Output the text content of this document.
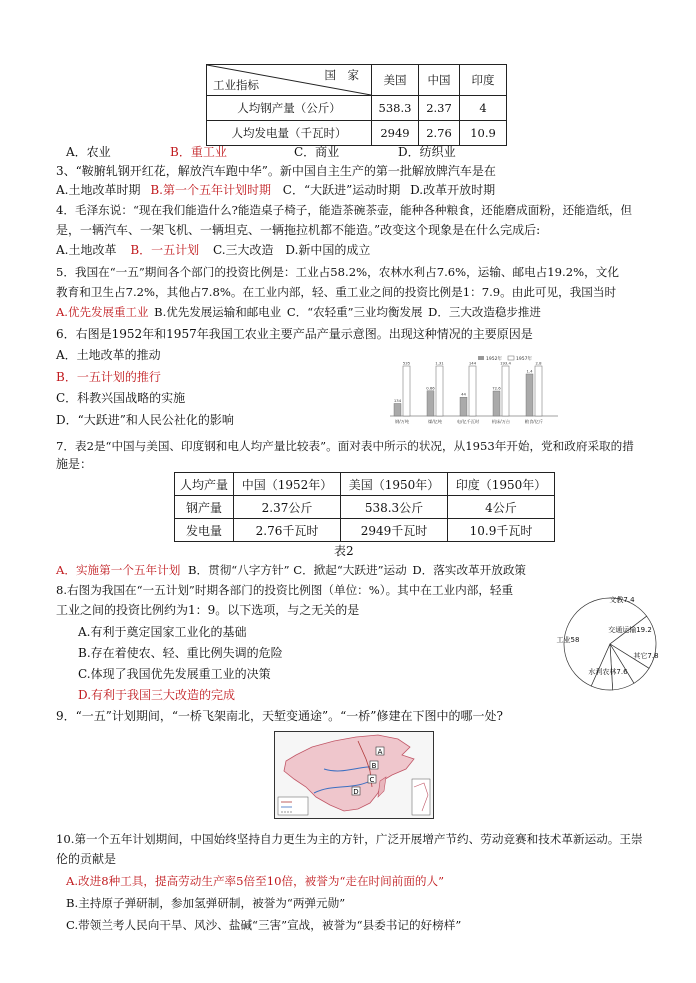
国　家
工业指标	美国	中国	印度
人均钢产量（公斤）	538.3	2.37	4
人均发电量（千瓦时）	2949	2.76	10.9
A．农业	B．重工业	C．商业	D．纺织业
3、“鞍腑轧钢开红花，解放汽车跑中华”。新中国自主生产的第一批解放牌汽车是在
A.土地改革时期 B.第一个五年计划时期 C．“大跃进”运动时期 D.改革开放时期
4．毛泽东说：“现在我们能造什么?能造桌子椅子，能造茶碗茶壶，能种各种粮食，还能磨成面粉，还能造纸，但
是，一辆汽车、一架飞机、一辆坦克、一辆拖拉机都不能造。”改变这个现象是在什么完成后:
A.土地改革 B．一五计划 C.三大改造 D.新中国的成立
5．我国在“一五”期间各个部门的投资比例是：工业占58.2%，农林水利占7.6%，运输、邮电占19.2%，文化
教育和卫生占7.2%，其他占7.8%。在工业内部，轻、重工业之间的投资比例是1：7.9。由此可见，我国当时
A.优先发展重工业 B.优先发展运输和邮电业 C．“农轻重”三业均衡发展 D．三大改造稳步推进
6．右图是1952年和1957年我国工农业主要产品产量示意图。出现这种情况的主要原因是
A．土地改革的推动
B．一五计划的推行
C．科教兴国战略的实施
D．“大跃进”和人民公社化的影响
1952年	1957年
134
535
钢/万吨
0.66
1.31
煤/亿吨
44
144
电/亿千瓦时
72.6
193.4
机床/万台
1.4
2.8
粮食/亿斤
7．表2是“中国与美国、印度钢和电人均产量比较表”。面对表中所示的状况，从1953年开始，党和政府采取的措
施是：
人均产量	中国（1952年）	美国（1950年）	印度（1950年）
钢产量	2.37公斤	538.3公斤	4公斤
发电量	2.76千瓦时	2949千瓦时	10.9千瓦时
表2
A．实施第一个五年计划 B．贯彻“八字方针” C．掀起“大跃进”运动 D．落实改革开放政策
8.右图为我国在“一五计划”时期各部门的投资比例图（单位：%）。其中在工业内部，轻重
工业之间的投资比例约为1：9。以下选项，与之无关的是
A.有利于奠定国家工业化的基础
B.存在着使农、轻、重比例失调的危险
C.体现了我国优先发展重工业的决策
D.有利于我国三大改造的完成
工业58
交通运输19.2
文教7.4
其它7.8
水利农林7.6
9．“一五”计划期间，“一桥飞架南北，天堑变通途”。“一桥”修建在下图中的哪一处?
A
B
C
D
10.第一个五年计划期间，中国始终坚持自力更生为主的方针，广泛开展增产节约、劳动竞赛和技术革新运动。王崇
伦的贡献是
A.改进8种工具，提高劳动生产率5倍至10倍，被誉为“走在时间前面的人”
B.主持原子弹研制，参加氢弹研制，被誉为“两弹元勋”
C.带领兰考人民向干旱、风沙、盐碱“三害”宣战，被誉为“县委书记的好榜样”
